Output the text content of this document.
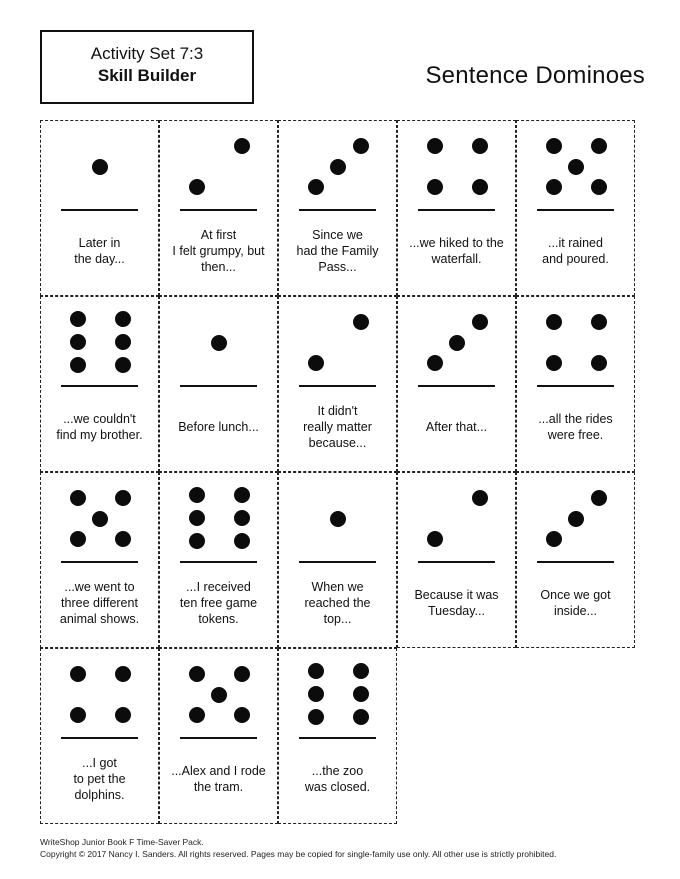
Activity Set 7:3
Skill Builder	Sentence Dominoes
Later in
the day...
At first
I felt grumpy, but
then...
Since we
had the Family
Pass...
...we hiked to the
waterfall.
...it rained
and poured.
...we couldn't
find my brother.
Before lunch...
It didn't
really matter
because...
After that...
...all the rides
were free.
...we went to
three different
animal shows.
...I received
ten free game
tokens.
When we
reached the
top...
Because it was
Tuesday...
Once we got
inside...
...I got
to pet the
dolphins.
...Alex and I rode
the tram.
...the zoo
was closed.
WriteShop Junior Book F Time-Saver Pack.
Copyright © 2017 Nancy I. Sanders. All rights reserved. Pages may be copied for single-family use only. All other use is strictly prohibited.
